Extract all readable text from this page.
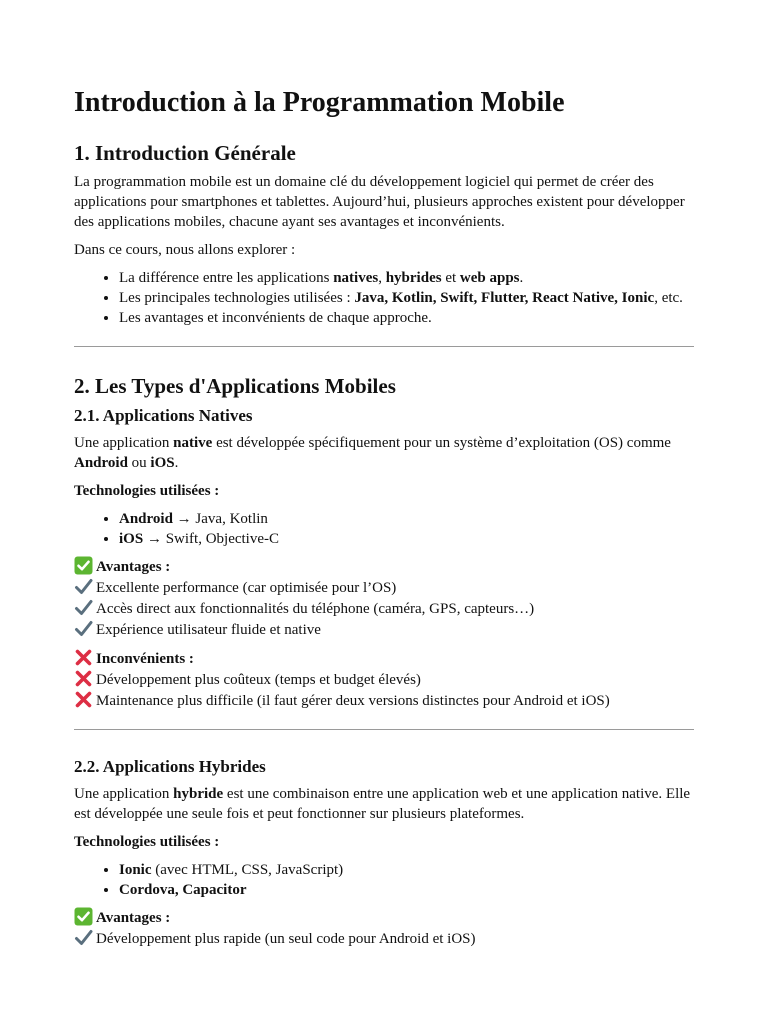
Introduction à la Programmation Mobile
1. Introduction Générale

La programmation mobile est un domaine clé du développement logiciel qui permet de créer des applications pour smartphones et tablettes. Aujourd’hui, plusieurs approches existent pour développer des applications mobiles, chacune ayant ses avantages et inconvénients.

Dans ce cours, nous allons explorer :

• La différence entre les applications natives, hybrides et web apps.
• Les principales technologies utilisées : Java, Kotlin, Swift, Flutter, React Native, Ionic, etc.
• Les avantages et inconvénients de chaque approche.
2. Les Types d'Applications Mobiles
2.1. Applications Natives

Une application native est développée spécifiquement pour un système d’exploitation (OS) comme Android ou iOS.

Technologies utilisées :

• Android → Java, Kotlin
• iOS → Swift, Objective-C
Avantages :
Excellente performance (car optimisée pour l’OS)
Accès direct aux fonctionnalités du téléphone (caméra, GPS, capteurs…)
Expérience utilisateur fluide et native
Inconvénients :
Développement plus coûteux (temps et budget élevés)
Maintenance plus difficile (il faut gérer deux versions distinctes pour Android et iOS)
2.2. Applications Hybrides

Une application hybride est une combinaison entre une application web et une application native. Elle est développée une seule fois et peut fonctionner sur plusieurs plateformes.

Technologies utilisées :

• Ionic (avec HTML, CSS, JavaScript)
• Cordova, Capacitor
Avantages :
Développement plus rapide (un seul code pour Android et iOS)
